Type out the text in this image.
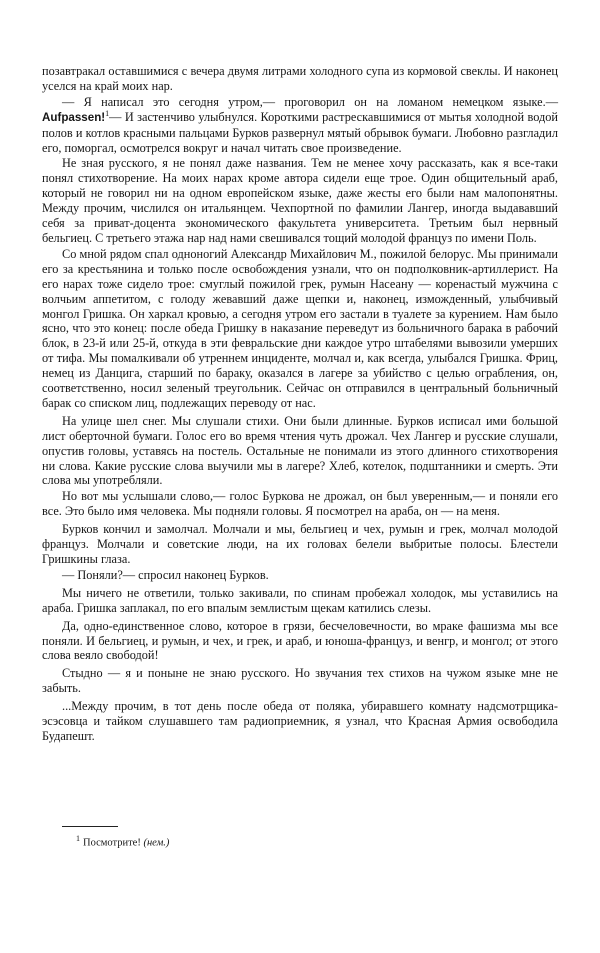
позавтракал оставшимися с вечера двумя литрами холодного супа из кормовой свеклы. И наконец уселся на край моих нар.

— Я написал это сегодня утром,— проговорил он на ломаном немецком языке.— Aufpassen!$^1$— И застенчиво улыбнулся. Короткими растрескавшимися от мытья холодной водой полов и котлов красными пальцами Бурков развернул мятый обрывок бумаги. Любовно разгладил его, поморгал, осмотрелся вокруг и начал читать свое произведение.

Не зная русского, я не понял даже названия. Тем не менее хочу рассказать, как я все-таки понял стихотворение. На моих нарах кроме автора сидели еще трое. Один общительный араб, который не говорил ни на одном европейском языке, даже жесты его были нам малопонятны. Между прочим, числился он итальянцем. Чехпортной по фамилии Лангер, иногда выдававший себя за приват-доцента экономического факультета университета. Третьим был нервный бельгиец. С третьего этажа нар над нами свешивался тощий молодой француз по имени Поль.

Со мной рядом спал одноногий Александр Михайлович М., пожилой белорус. Мы принимали его за крестьянина и только после освобождения узнали, что он подполковник-артиллерист. На его нарах тоже сидело трое: смуглый пожилой грек, румын Насеану — коренастый мужчина с волчьим аппетитом, с голоду жевавший даже щепки и, наконец, изможденный, улыбчивый монгол Гришка. Он харкал кровью, а сегодня утром его застали в туалете за курением. Нам было ясно, что это конец: после обеда Гришку в наказание переведут из больничного барака в рабочий блок, в 23-й или 25-й, откуда в эти февральские дни каждое утро штабелями вывозили умерших от тифа. Мы помалкивали об утреннем инциденте, молчал и, как всегда, улыбался Гришка. Фриц, немец из Данцига, старший по бараку, оказался в лагере за убийство с целью ограбления, он, соответственно, носил зеленый треугольник. Сейчас он отправился в центральный больничный барак со списком лиц, подлежащих переводу от нас.

На улице шел снег. Мы слушали стихи. Они были длинные. Бурков исписал ими большой лист оберточной бумаги. Голос его во время чтения чуть дрожал. Чех Лангер и русские слушали, опустив головы, уставясь на постель. Остальные не понимали из этого длинного стихотворения ни слова. Какие русские слова выучили мы в лагере? Хлеб, котелок, подштанники и смерть. Эти слова мы употребляли.

Но вот мы услышали слово,— голос Буркова не дрожал, он был уверенным,— и поняли его все. Это было имя человека. Мы подняли головы. Я посмотрел на араба, он — на меня.

Бурков кончил и замолчал. Молчали и мы, бельгиец и чех, румын и грек, молчал молодой француз. Молчали и советские люди, на их головах белели выбритые полосы. Блестели Гришкины глаза.

— Поняли?— спросил наконец Бурков.

Мы ничего не ответили, только закивали, по спинам пробежал холодок, мы уставились на араба. Гришка заплакал, по его впалым землистым щекам катились слезы.

Да, одно-единственное слово, которое в грязи, бесчеловечности, во мраке фашизма мы все поняли. И бельгиец, и румын, и чех, и грек, и араб, и юноша-француз, и венгр, и монгол; от этого слова веяло свободой!

Стыдно — я и поныне не знаю русского. Но звучания тех стихов на чужом языке мне не забыть.

...Между прочим, в тот день после обеда от поляка, убиравшего комнату надсмотрщика-эсэсовца и тайком слушавшего там радиоприемник, я узнал, что Красная Армия освободила Будапешт.

$^1$ Посмотрите! (нем.)
